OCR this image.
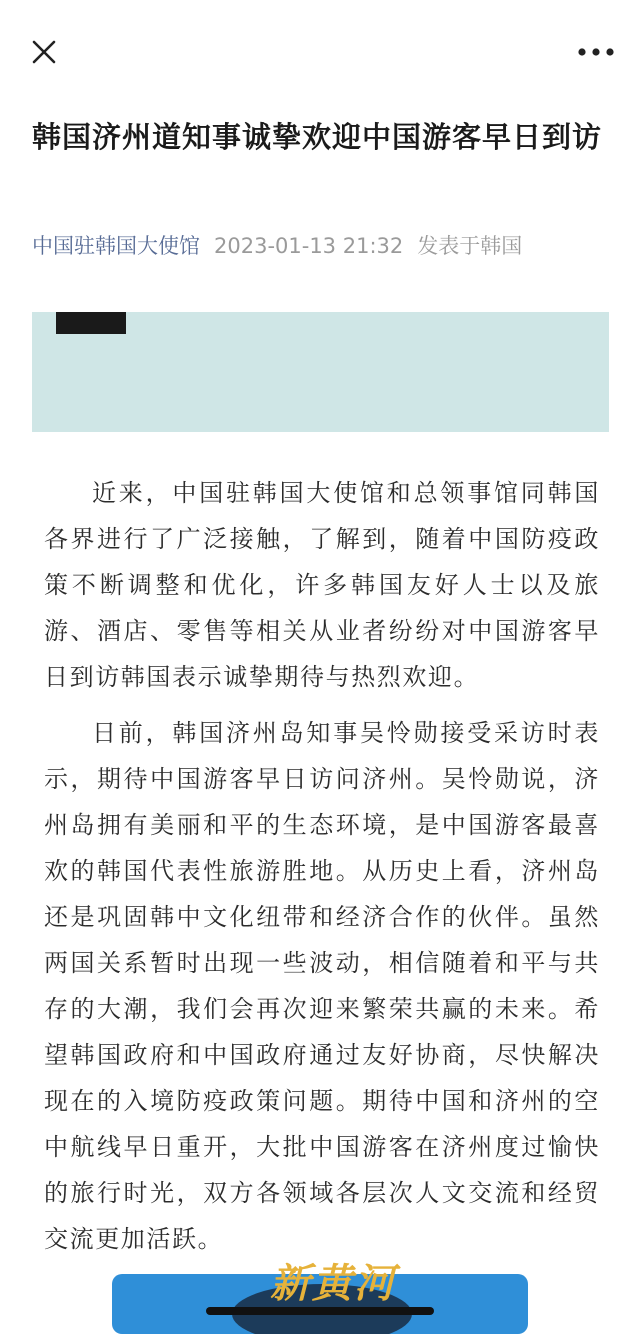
韩国济州道知事诚挚欢迎中国游客早日到访
中国驻韩国大使馆 2023-01-13 21:32 发表于韩国

近来，中国驻韩国大使馆和总领事馆同韩国各界进行了广泛接触，了解到，随着中国防疫政策不断调整和优化，许多韩国友好人士以及旅游、酒店、零售等相关从业者纷纷对中国游客早日到访韩国表示诚挚期待与热烈欢迎。

日前，韩国济州岛知事吴怜勋接受采访时表示，期待中国游客早日访问济州。吴怜勋说，济州岛拥有美丽和平的生态环境，是中国游客最喜欢的韩国代表性旅游胜地。从历史上看，济州岛还是巩固韩中文化纽带和经济合作的伙伴。虽然两国关系暂时出现一些波动，相信随着和平与共存的大潮，我们会再次迎来繁荣共赢的未来。希望韩国政府和中国政府通过友好协商，尽快解决现在的入境防疫政策问题。期待中国和济州的空中航线早日重开，大批中国游客在济州度过愉快的旅行时光，双方各领域各层次人文交流和经贸交流更加活跃。

新黄河
